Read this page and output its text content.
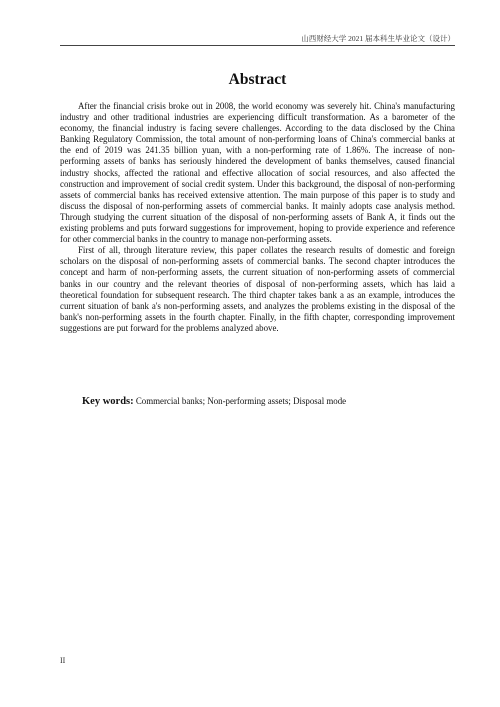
山西财经大学 2021 届本科生毕业论文（设计）
Abstract

After the financial crisis broke out in 2008, the world economy was severely hit. China's manufacturing industry and other traditional industries are experiencing difficult transformation. As a barometer of the economy, the financial industry is facing severe challenges. According to the data disclosed by the China Banking Regulatory Commission, the total amount of non-performing loans of China's commercial banks at the end of 2019 was 241.35 billion yuan, with a non-performing rate of 1.86%. The increase of non-performing assets of banks has seriously hindered the development of banks themselves, caused financial industry shocks, affected the rational and effective allocation of social resources, and also affected the construction and improvement of social credit system. Under this background, the disposal of non-performing assets of commercial banks has received extensive attention. The main purpose of this paper is to study and discuss the disposal of non-performing assets of commercial banks. It mainly adopts case analysis method. Through studying the current situation of the disposal of non-performing assets of Bank A, it finds out the existing problems and puts forward suggestions for improvement, hoping to provide experience and reference for other commercial banks in the country to manage non-performing assets.

First of all, through literature review, this paper collates the research results of domestic and foreign scholars on the disposal of non-performing assets of commercial banks. The second chapter introduces the concept and harm of non-performing assets, the current situation of non-performing assets of commercial banks in our country and the relevant theories of disposal of non-performing assets, which has laid a theoretical foundation for subsequent research. The third chapter takes bank a as an example, introduces the current situation of bank a's non-performing assets, and analyzes the problems existing in the disposal of the bank's non-performing assets in the fourth chapter. Finally, in the fifth chapter, corresponding improvement suggestions are put forward for the problems analyzed above.

Key words: Commercial banks; Non-performing assets; Disposal mode
II
